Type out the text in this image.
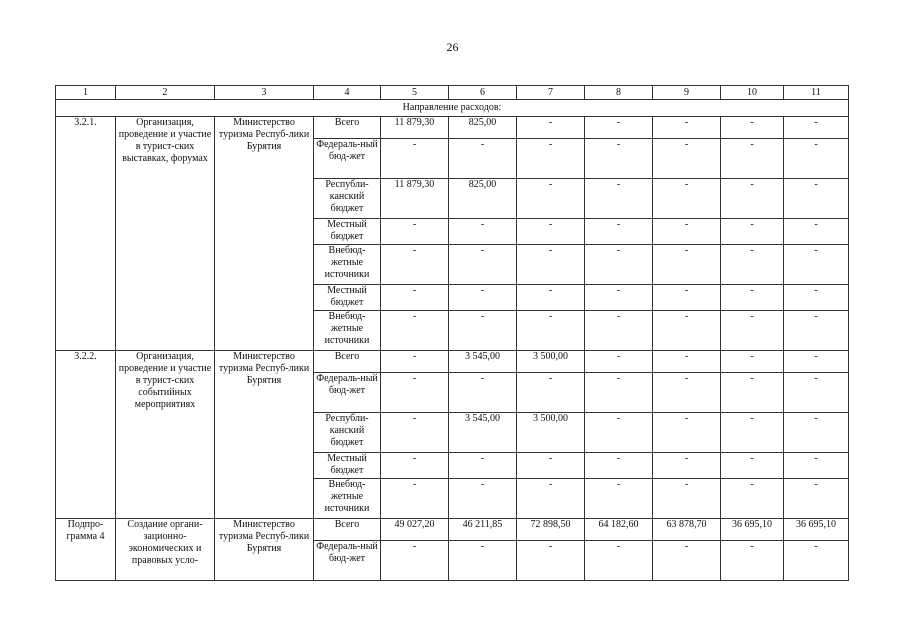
26
1	2	3	4	5	6	7	8	9	10	11
Направление расходов:										
3.2.1.	Организация, проведение и участие в турист-ских выставках, форумах	Министерство туризма Респуб-лики Бурятия	Всего	11 879,30	825,00	-	-	-	-	-
			Федераль-ный бюд-жет	-	-	-	-	-	-	-
			Республи-канский бюджет	11 879,30	825,00	-	-	-	-	-
			Местный бюджет	-	-	-	-	-	-	-
			Внебюд-жетные источники	-	-	-	-	-	-	-
			Местный бюджет	-	-	-	-	-	-	-
			Внебюд-жетные источники	-	-	-	-	-	-	-
3.2.2.	Организация, проведение и участие в турист-ских событийных мероприятиях	Министерство туризма Респуб-лики Бурятия	Всего	-	3 545,00	3 500,00	-	-	-	-
			Федераль-ный бюд-жет	-	-	-	-	-	-	-
			Республи-канский бюджет	-	3 545,00	3 500,00	-	-	-	-
			Местный бюджет	-	-	-	-	-	-	-
			Внебюд-жетные источники	-	-	-	-	-	-	-
Подпро-грамма 4	Создание органи-зационно-экономических и правовых усло-	Министерство туризма Респуб-лики Бурятия	Всего	49 027,20	46 211,85	72 898,50	64 182,60	63 878,70	36 695,10	36 695,10
			Федераль-ный бюд-жет	-	-	-	-	-	-	-
